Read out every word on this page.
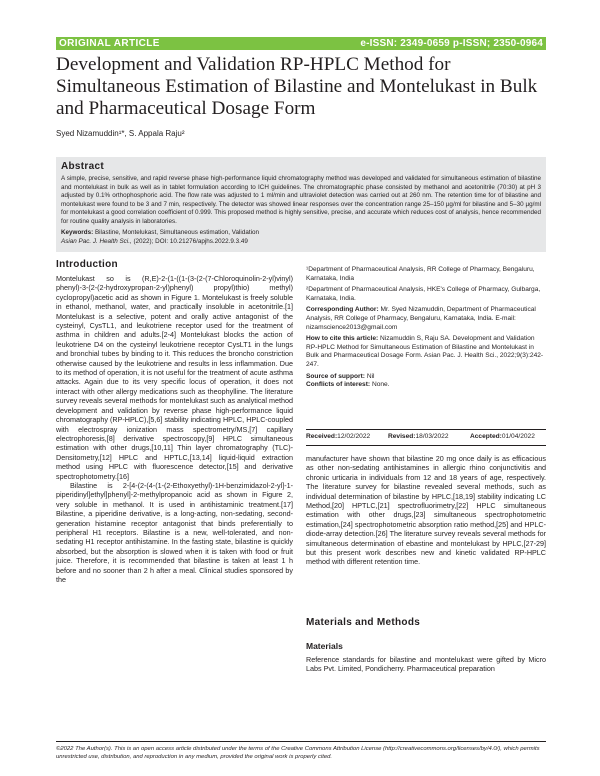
ORIGINAL ARTICLE	e-ISSN: 2349-0659 p-ISSN; 2350-0964
Development and Validation RP-HPLC Method for
Simultaneous Estimation of Bilastine and Montelukast in Bulk
and Pharmaceutical Dosage Form
Syed Nizamuddin¹*, S. Appala Raju²
Abstract
A simple, precise, sensitive, and rapid reverse phase high-performance liquid chromatography method was developed and validated for simultaneous estimation of bilastine and montelukast in bulk as well as in tablet formulation according to ICH guidelines. The chromatographic phase consisted by methanol and acetonitrile (70:30) at pH 3 adjusted by 0.1% orthophosphoric acid. The flow rate was adjusted to 1 ml/min and ultraviolet detection was carried out at 260 nm. The retention time for of bilastine and montelukast were found to be 3 and 7 min, respectively. The detector was showed linear responses over the concentration range 25–150 µg/ml for bilastine and 5–30 µg/ml for montelukast a good correlation coefficient of 0.999. This proposed method is highly sensitive, precise, and accurate which reduces cost of analysis, hence recommended for routine quality analysis in laboratories.
Keywords: Bilastine, Montelukast, Simultaneous estimation, Validation
Asian Pac. J. Health Sci., (2022); DOI: 10.21276/apjhs.2022.9.3.49
Introduction

Montelukast so is (R,E)-2-(1-((1-(3-(2-(7-Chloroquinolin-2-yl)vinyl) phenyl)-3-(2-(2-hydroxypropan-2-yl)phenyl) propyl)thio) methyl) cyclopropyl)acetic acid as shown in Figure 1. Montelukast is freely soluble in ethanol, methanol, water, and practically insoluble in acetonitrile.[1] Montelukast is a selective, potent and orally active antagonist of the cysteinyl, CysTL1, and leukotriene receptor used for the treatment of asthma in children and adults.[2-4] Montelukast blocks the action of leukotriene D4 on the cysteinyl leukotriene receptor CysLT1 in the lungs and bronchial tubes by binding to it. This reduces the broncho constriction otherwise caused by the leukotriene and results in less inflammation. Due to its method of operation, it is not useful for the treatment of acute asthma attacks. Again due to its very specific locus of operation, it does not interact with other allergy medications such as theophylline. The literature survey reveals several methods for montelukast such as analytical method development and validation by reverse phase high-performance liquid chromatography (RP-HPLC),[5,6] stability indicating HPLC, HPLC-coupled with electrospray ionization mass spectrometry/MS,[7] capillary electrophoresis,[8] derivative spectroscopy,[9] HPLC simultaneous estimation with other drugs,[10,11] Thin layer chromatography (TLC)-Densitometry,[12] HPLC and HPTLC,[13,14] liquid-liquid extraction method using HPLC with fluorescence detector,[15] and derivative spectrophotometry.[16]

Bilastine is 2-[4-(2-(4-(1-(2-Ethoxyethyl)-1H-benzimidazol-2-yl]-1-piperidinyl]ethyl]phenyl]-2-methylpropanoic acid as shown in Figure 2, very soluble in methanol. It is used in antihistaminic treatment.[17] Bilastine, a piperidine derivative, is a long-acting, non-sedating, second-generation histamine receptor antagonist that binds preferentially to peripheral H1 receptors. Bilastine is a new, well-tolerated, and non-sedating H1 receptor antihistamine. In the fasting state, bilastine is quickly absorbed, but the absorption is slowed when it is taken with food or fruit juice. Therefore, it is recommended that bilastine is taken at least 1 h before and no sooner than 2 h after a meal. Clinical studies sponsored by the

¹Department of Pharmaceutical Analysis, RR College of Pharmacy, Bengaluru, Karnataka, India

²Department of Pharmaceutical Analysis, HKE's College of Pharmacy, Gulbarga, Karnataka, India.

Corresponding Author: Mr. Syed Nizamuddin, Department of Pharmaceutical Analysis, RR College of Pharmacy, Bengaluru, Karnataka, India. E-mail: nizamscience2013@gmail.com

How to cite this article: Nizamuddin S, Raju SA. Development and Validation RP-HPLC Method for Simultaneous Estimation of Bilastine and Montelukast in Bulk and Pharmaceutical Dosage Form. Asian Pac. J. Health Sci., 2022;9(3):242-247.

Source of support: Nil

Conflicts of interest: None.

Received: 12/02/2022	Revised: 18/03/2022	Accepted: 01/04/2022

manufacturer have shown that bilastine 20 mg once daily is as efficacious as other non-sedating antihistamines in allergic rhino conjunctivitis and chronic urticaria in individuals from 12 and 18 years of age, respectively. The literature survey for bilastine revealed several methods, such as individual determination of bilastine by HPLC,[18,19] stability indicating LC Method,[20] HPTLC,[21] spectrofluorimetry,[22] HPLC simultaneous estimation with other drugs,[23] simultaneous spectrophotometric estimation,[24] spectrophotometric absorption ratio method,[25] and HPLC-diode-array detection.[26] The literature survey reveals several methods for simultaneous determination of ebastine and montelukast by HPLC,[27-29] but this present work describes new and kinetic validated RP-HPLC method with different retention time.

Materials and Methods
Materials

Reference standards for bilastine and montelukast were gifted by Micro Labs Pvt. Limited, Pondicherry. Pharmaceutical preparation

©2022 The Author(s). This is an open access article distributed under the terms of the Creative Commons Attribution License (http://creativecommons.org/licenses/by/4.0/), which permits unrestricted use, distribution, and reproduction in any medium, provided the original work is properly cited.
